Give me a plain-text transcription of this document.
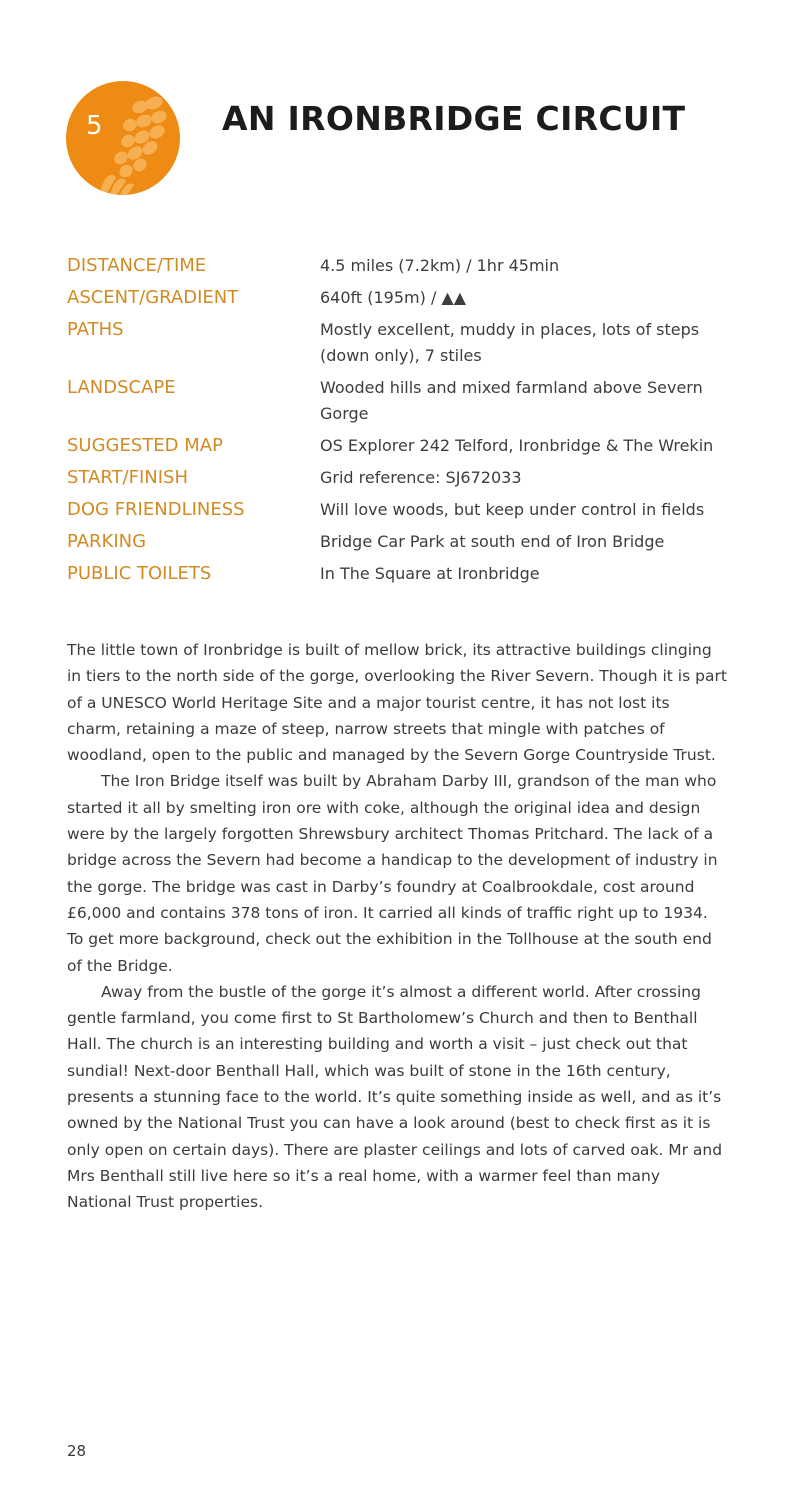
5	AN IRONBRIDGE CIRCUIT
DISTANCE/TIME	4.5 miles (7.2km) / 1hr 45min
ASCENT/GRADIENT	640ft (195m) / ▲▲
PATHS	Mostly excellent, muddy in places, lots of steps (down only), 7 stiles
LANDSCAPE	Wooded hills and mixed farmland above Severn Gorge
SUGGESTED MAP	OS Explorer 242 Telford, Ironbridge & The Wrekin
START/FINISH	Grid reference: SJ672033
DOG FRIENDLINESS	Will love woods, but keep under control in fields
PARKING	Bridge Car Park at south end of Iron Bridge
PUBLIC TOILETS	In The Square at Ironbridge

The little town of Ironbridge is built of mellow brick, its attractive buildings clinging in tiers to the north side of the gorge, overlooking the River Severn. Though it is part of a UNESCO World Heritage Site and a major tourist centre, it has not lost its charm, retaining a maze of steep, narrow streets that mingle with patches of woodland, open to the public and managed by the Severn Gorge Countryside Trust.

The Iron Bridge itself was built by Abraham Darby III, grandson of the man who started it all by smelting iron ore with coke, although the original idea and design were by the largely forgotten Shrewsbury architect Thomas Pritchard. The lack of a bridge across the Severn had become a handicap to the development of industry in the gorge. The bridge was cast in Darby’s foundry at Coalbrookdale, cost around £6,000 and contains 378 tons of iron. It carried all kinds of traffic right up to 1934. To get more background, check out the exhibition in the Tollhouse at the south end of the Bridge.

Away from the bustle of the gorge it’s almost a different world. After crossing gentle farmland, you come first to St Bartholomew’s Church and then to Benthall Hall. The church is an interesting building and worth a visit – just check out that sundial! Next-door Benthall Hall, which was built of stone in the 16th century, presents a stunning face to the world. It’s quite something inside as well, and as it’s owned by the National Trust you can have a look around (best to check first as it is only open on certain days). There are plaster ceilings and lots of carved oak. Mr and Mrs Benthall still live here so it’s a real home, with a warmer feel than many National Trust properties.

28
